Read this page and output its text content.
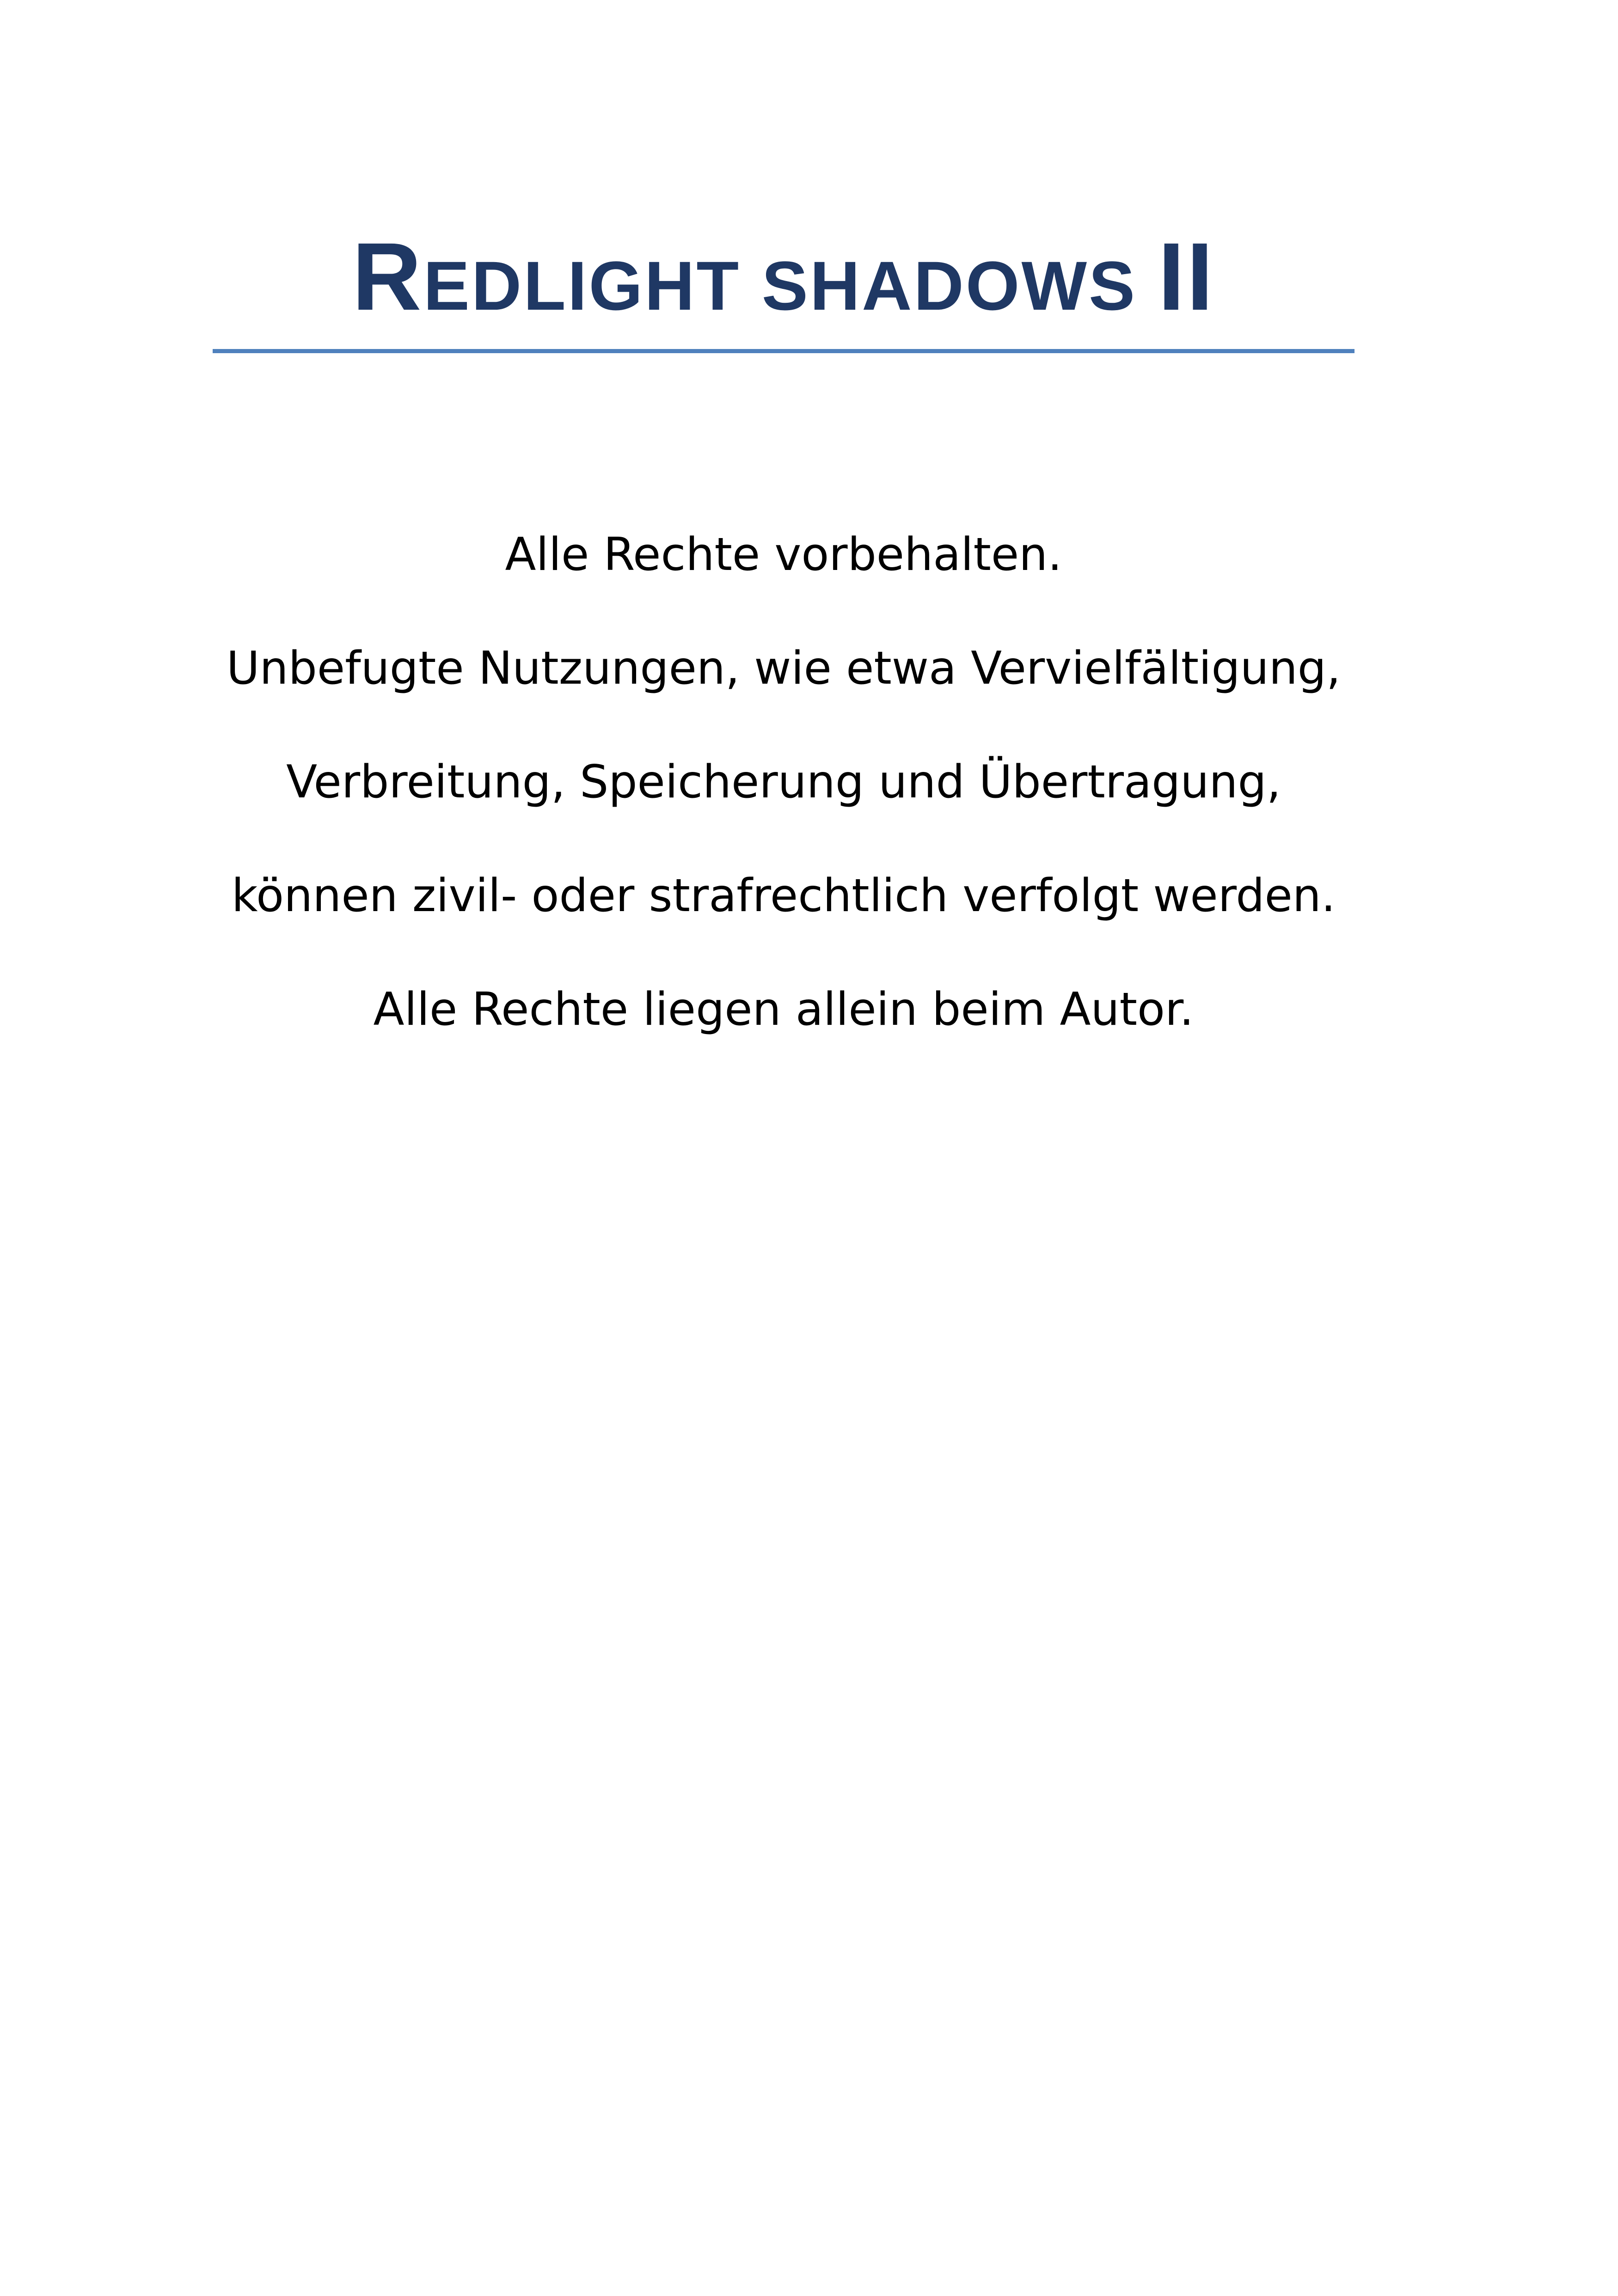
REDLIGHT SHADOWS II

Alle Rechte vorbehalten.

Unbefugte Nutzungen, wie etwa Vervielfältigung,

Verbreitung, Speicherung und Übertragung,

können zivil- oder strafrechtlich verfolgt werden.

Alle Rechte liegen allein beim Autor.
